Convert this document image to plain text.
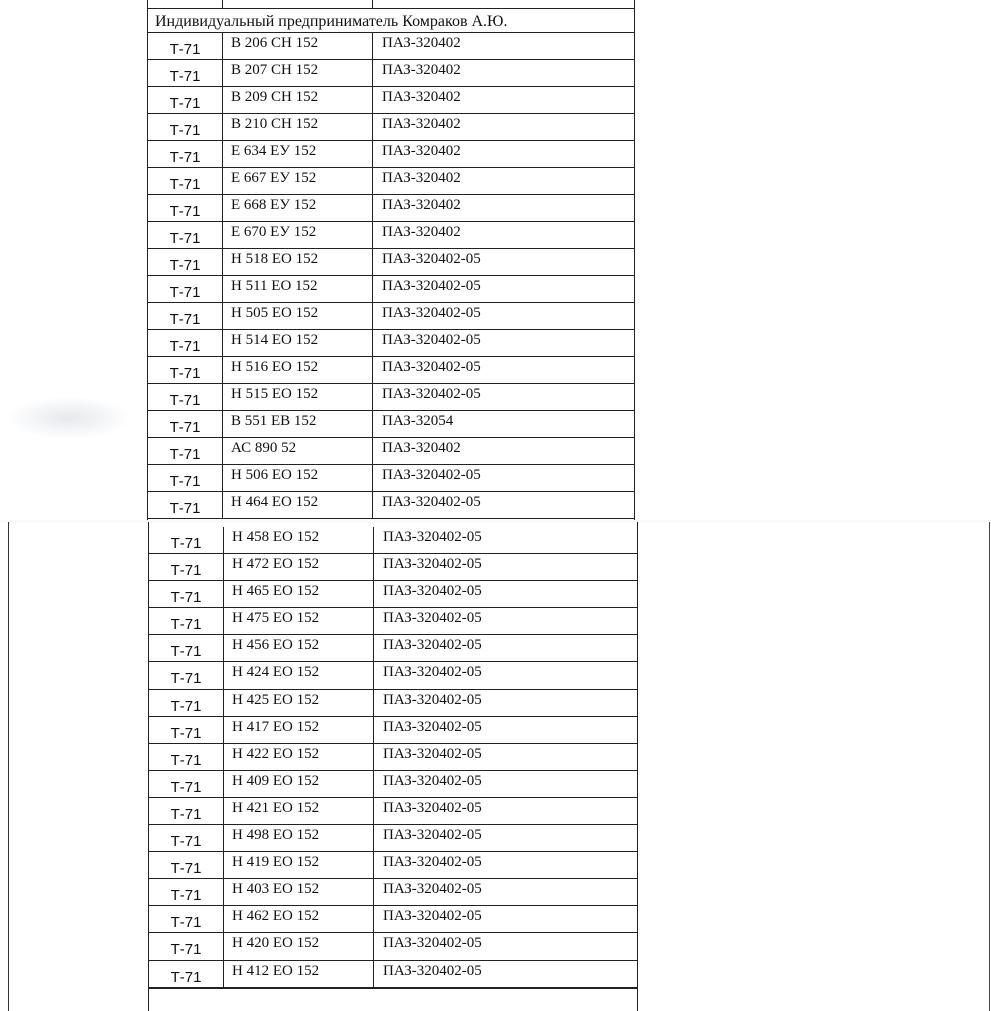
Индивидуальный предприниматель Комраков А.Ю.
Т-71	В 206 СН 152	ПАЗ-320402
Т-71	В 207 СН 152	ПАЗ-320402
Т-71	В 209 СН 152	ПАЗ-320402
Т-71	В 210 СН 152	ПАЗ-320402
Т-71	Е 634 ЕУ 152	ПАЗ-320402
Т-71	Е 667 ЕУ 152	ПАЗ-320402
Т-71	Е 668 ЕУ 152	ПАЗ-320402
Т-71	Е 670 ЕУ 152	ПАЗ-320402
Т-71	Н 518 ЕО 152	ПАЗ-320402-05
Т-71	Н 511 ЕО 152	ПАЗ-320402-05
Т-71	Н 505 ЕО 152	ПАЗ-320402-05
Т-71	Н 514 ЕО 152	ПАЗ-320402-05
Т-71	Н 516 ЕО 152	ПАЗ-320402-05
Т-71	Н 515 ЕО 152	ПАЗ-320402-05
Т-71	В 551 ЕВ 152	ПАЗ-32054
Т-71	АС 890 52	ПАЗ-320402
Т-71	Н 506 ЕО 152	ПАЗ-320402-05
Т-71	Н 464 ЕО 152	ПАЗ-320402-05
Т-71	Н 458 ЕО 152	ПАЗ-320402-05
Т-71	Н 472 ЕО 152	ПАЗ-320402-05
Т-71	Н 465 ЕО 152	ПАЗ-320402-05
Т-71	Н 475 ЕО 152	ПАЗ-320402-05
Т-71	Н 456 ЕО 152	ПАЗ-320402-05
Т-71	Н 424 ЕО 152	ПАЗ-320402-05
Т-71	Н 425 ЕО 152	ПАЗ-320402-05
Т-71	Н 417 ЕО 152	ПАЗ-320402-05
Т-71	Н 422 ЕО 152	ПАЗ-320402-05
Т-71	Н 409 ЕО 152	ПАЗ-320402-05
Т-71	Н 421 ЕО 152	ПАЗ-320402-05
Т-71	Н 498 ЕО 152	ПАЗ-320402-05
Т-71	Н 419 ЕО 152	ПАЗ-320402-05
Т-71	Н 403 ЕО 152	ПАЗ-320402-05
Т-71	Н 462 ЕО 152	ПАЗ-320402-05
Т-71	Н 420 ЕО 152	ПАЗ-320402-05
Т-71	Н 412 ЕО 152	ПАЗ-320402-05
